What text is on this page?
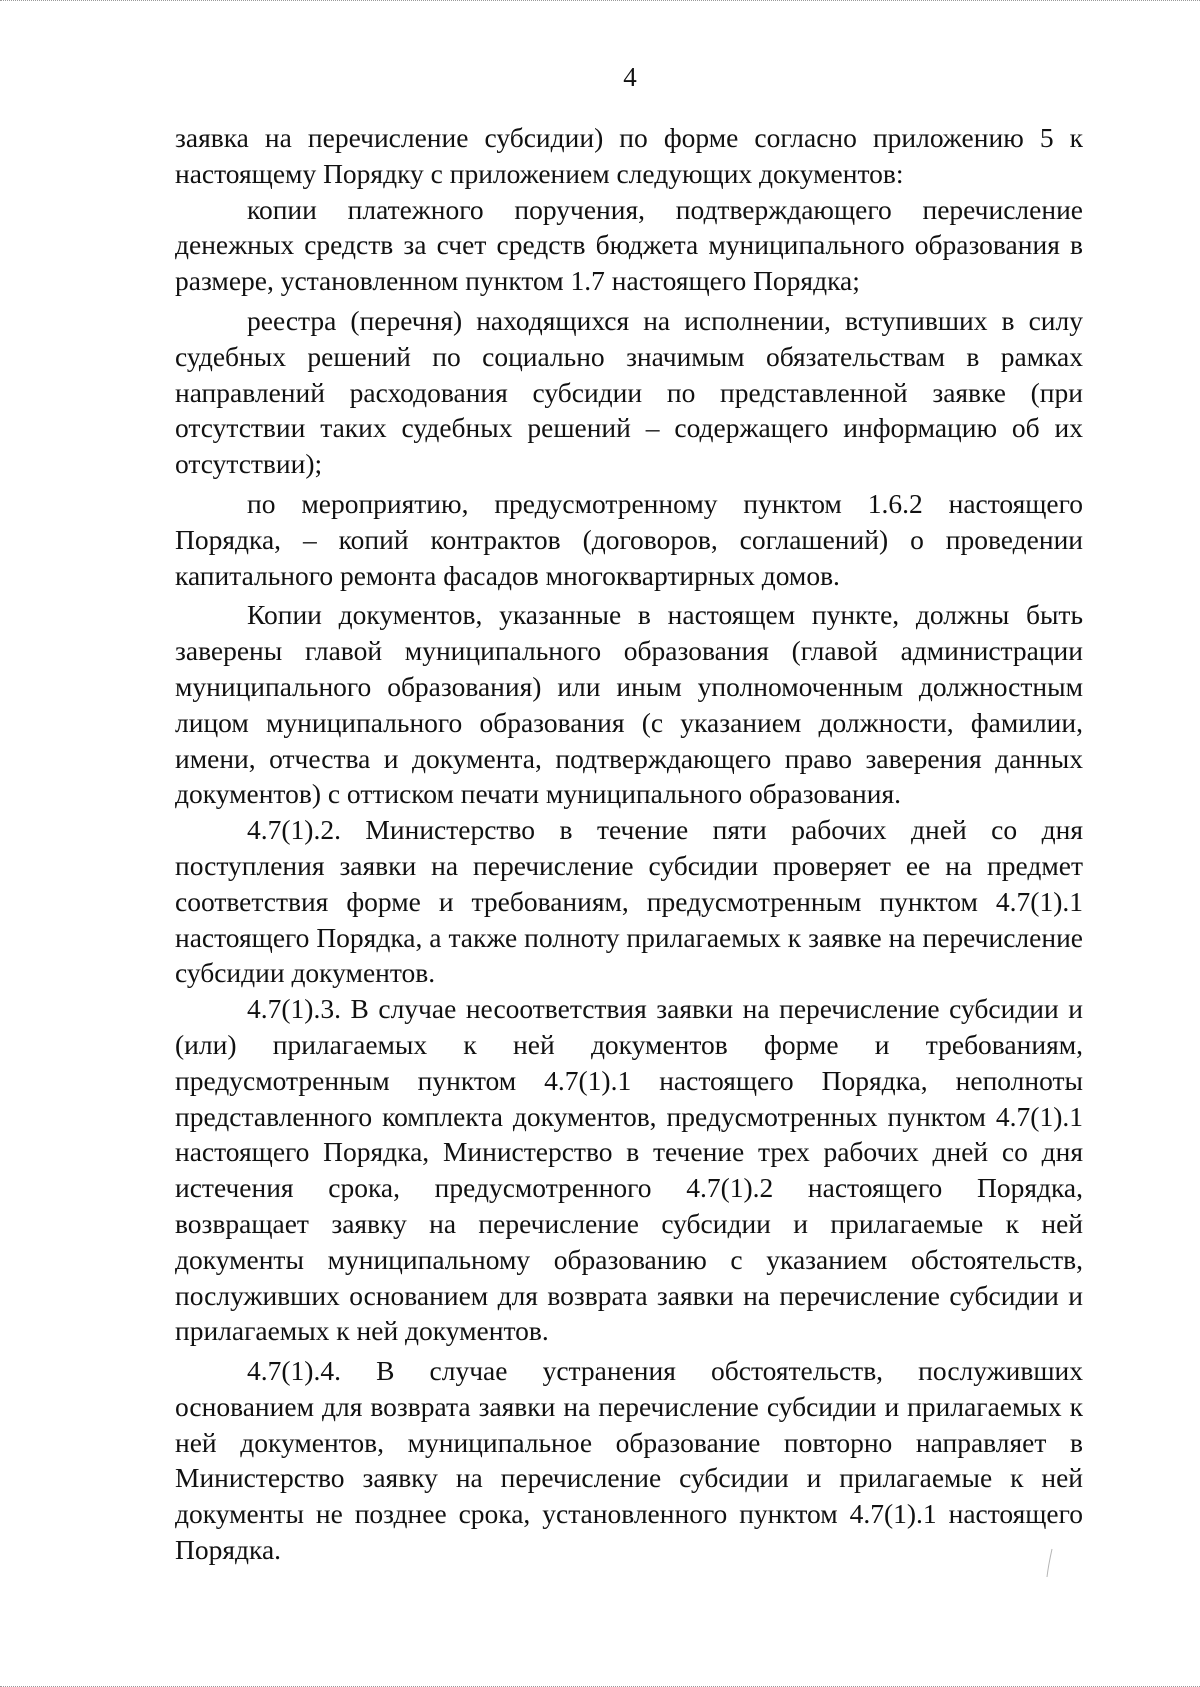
4

заявка на перечисление субсидии) по форме согласно приложению 5 к настоящему Порядку с приложением следующих документов:

копии платежного поручения, подтверждающего перечисление денежных средств за счет средств бюджета муниципального образования в размере, установленном пунктом 1.7 настоящего Порядка;

реестра (перечня) находящихся на исполнении, вступивших в силу судебных решений по социально значимым обязательствам в рамках направлений расходования субсидии по представленной заявке (при отсутствии таких судебных решений – содержащего информацию об их отсутствии);

по мероприятию, предусмотренному пунктом 1.6.2 настоящего Порядка, – копий контрактов (договоров, соглашений) о проведении капитального ремонта фасадов многоквартирных домов.

Копии документов, указанные в настоящем пункте, должны быть заверены главой муниципального образования (главой администрации муниципального образования) или иным уполномоченным должностным лицом муниципального образования (с указанием должности, фамилии, имени, отчества и документа, подтверждающего право заверения данных документов) с оттиском печати муниципального образования.

4.7(1).2. Министерство в течение пяти рабочих дней со дня поступления заявки на перечисление субсидии проверяет ее на предмет соответствия форме и требованиям, предусмотренным пунктом 4.7(1).1 настоящего Порядка, а также полноту прилагаемых к заявке на перечисление субсидии документов.

4.7(1).3. В случае несоответствия заявки на перечисление субсидии и (или) прилагаемых к ней документов форме и требованиям, предусмотренным пунктом 4.7(1).1 настоящего Порядка, неполноты представленного комплекта документов, предусмотренных пунктом 4.7(1).1 настоящего Порядка, Министерство в течение трех рабочих дней со дня истечения срока, предусмотренного 4.7(1).2 настоящего Порядка, возвращает заявку на перечисление субсидии и прилагаемые к ней документы муниципальному образованию с указанием обстоятельств, послуживших основанием для возврата заявки на перечисление субсидии и прилагаемых к ней документов.

4.7(1).4. В случае устранения обстоятельств, послуживших основанием для возврата заявки на перечисление субсидии и прилагаемых к ней документов, муниципальное образование повторно направляет в Министерство заявку на перечисление субсидии и прилагаемые к ней документы не позднее срока, установленного пунктом 4.7(1).1 настоящего Порядка.
